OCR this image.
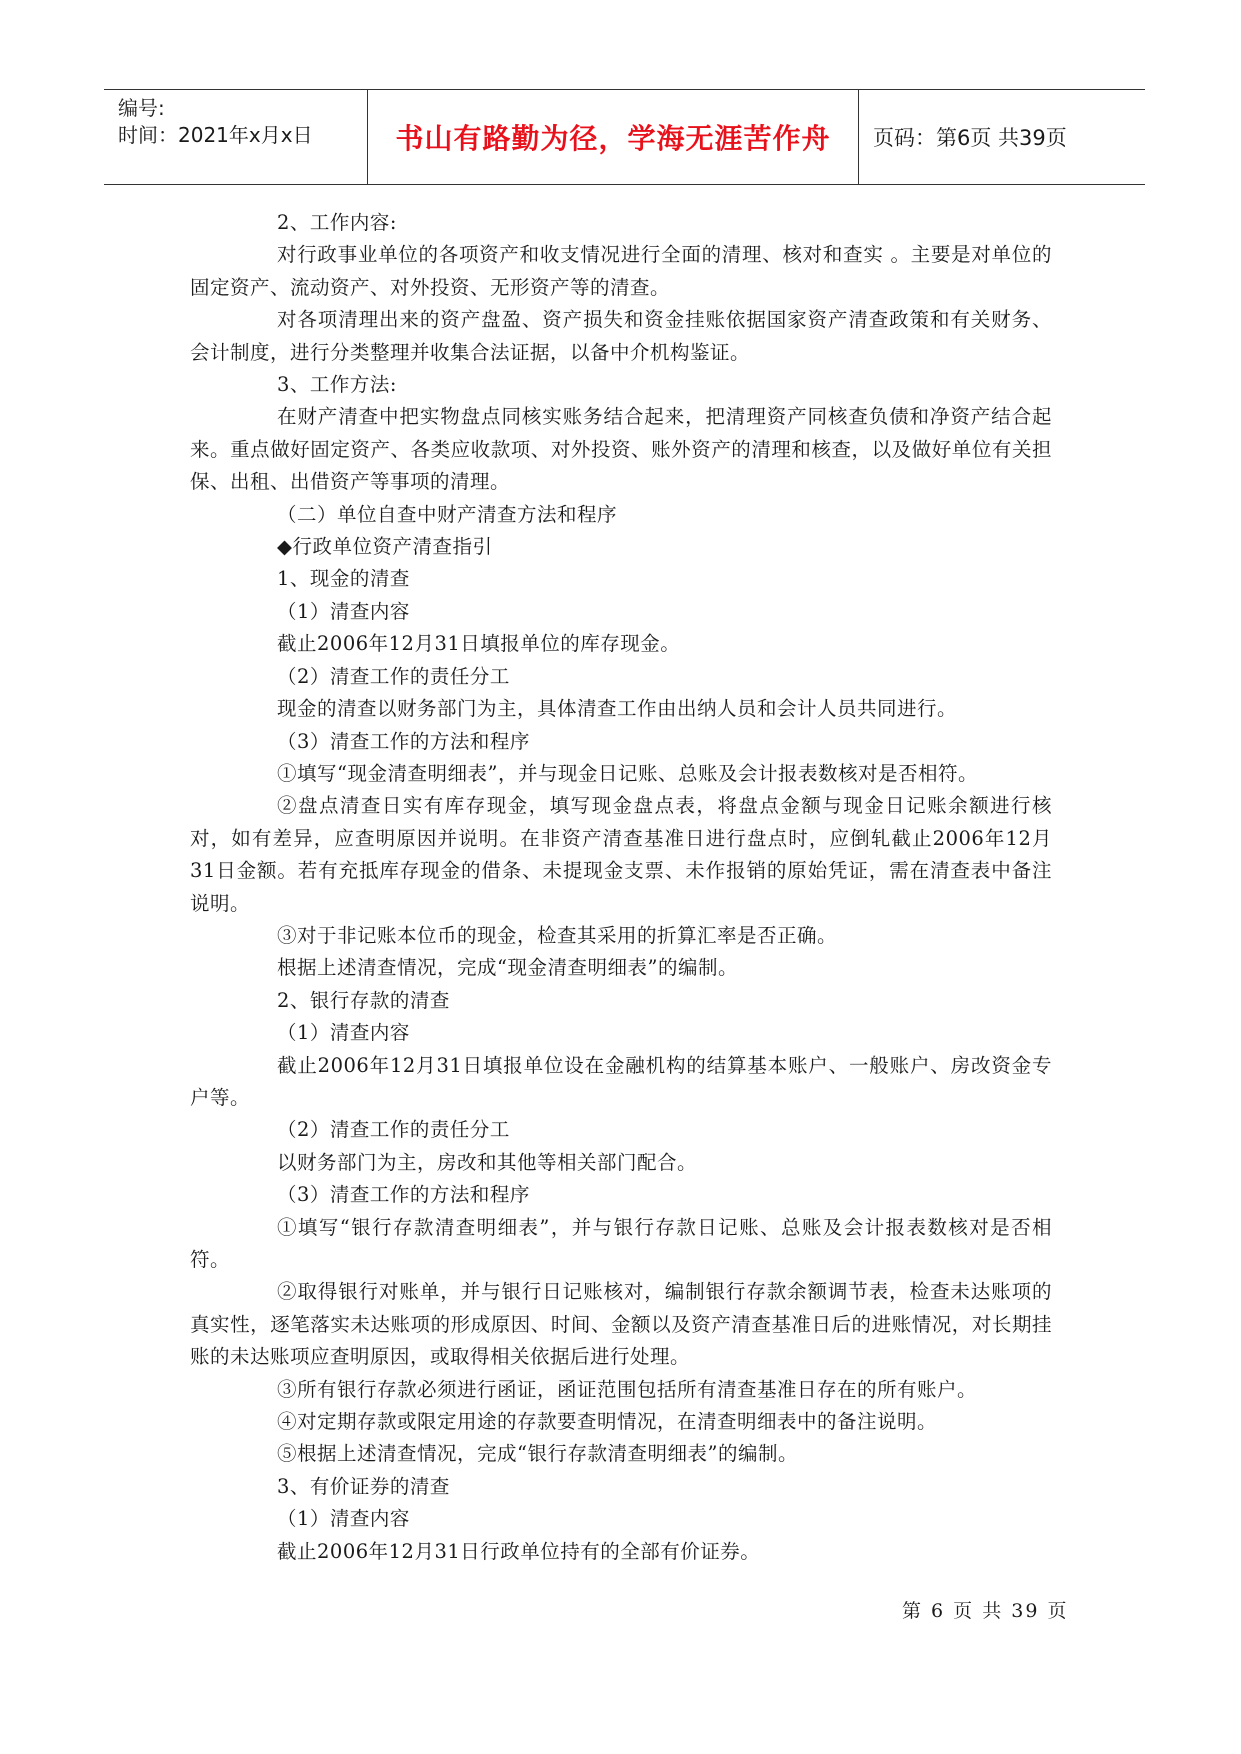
编号:
时间：2021年x月x日	书山有路勤为径，学海无涯苦作舟	页码：第6页 共39页

2、工作内容:

对行政事业单位的各项资产和收支情况进行全面的清理、核对和查实 。主要是对单位的固定资产、流动资产、对外投资、无形资产等的清查。

对各项清理出来的资产盘盈、资产损失和资金挂账依据国家资产清查政策和有关财务、会计制度，进行分类整理并收集合法证据，以备中介机构鉴证。

3、工作方法:

在财产清查中把实物盘点同核实账务结合起来，把清理资产同核查负债和净资产结合起来。重点做好固定资产、各类应收款项、对外投资、账外资产的清理和核查，以及做好单位有关担保、出租、出借资产等事项的清理。

（二）单位自查中财产清查方法和程序

◆行政单位资产清查指引

1、现金的清查

（1）清查内容

截止2006年12月31日填报单位的库存现金。

（2）清查工作的责任分工

现金的清查以财务部门为主，具体清查工作由出纳人员和会计人员共同进行。

（3）清查工作的方法和程序

①填写“现金清查明细表”，并与现金日记账、总账及会计报表数核对是否相符。

②盘点清查日实有库存现金，填写现金盘点表，将盘点金额与现金日记账余额进行核对，如有差异，应查明原因并说明。在非资产清查基准日进行盘点时，应倒轧截止2006年12月31日金额。若有充抵库存现金的借条、未提现金支票、未作报销的原始凭证，需在清查表中备注说明。

③对于非记账本位币的现金，检查其采用的折算汇率是否正确。

根据上述清查情况，完成“现金清查明细表”的编制。

2、银行存款的清查

（1）清查内容

截止2006年12月31日填报单位设在金融机构的结算基本账户、一般账户、房改资金专户等。

（2）清查工作的责任分工

以财务部门为主，房改和其他等相关部门配合。

（3）清查工作的方法和程序

①填写“银行存款清查明细表”，并与银行存款日记账、总账及会计报表数核对是否相符。

②取得银行对账单，并与银行日记账核对，编制银行存款余额调节表，检查未达账项的真实性，逐笔落实未达账项的形成原因、时间、金额以及资产清查基准日后的进账情况，对长期挂账的未达账项应查明原因，或取得相关依据后进行处理。

③所有银行存款必须进行函证，函证范围包括所有清查基准日存在的所有账户。

④对定期存款或限定用途的存款要查明情况，在清查明细表中的备注说明。

⑤根据上述清查情况，完成“银行存款清查明细表”的编制。

3、有价证券的清查

（1）清查内容

截止2006年12月31日行政单位持有的全部有价证券。

第 6 页 共 39 页
